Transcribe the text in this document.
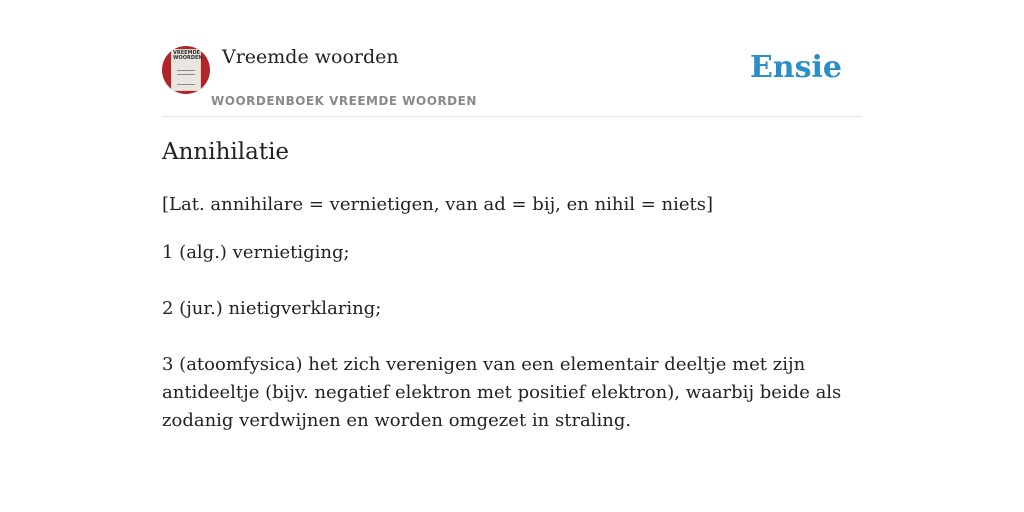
VREEMDE WOORDEN Vreemde woorden
WOORDENBOEK VREEMDE WOORDEN
Ensie
Annihilatie
[Lat. annihilare = vernietigen, van ad = bij, en nihil = niets]

1 (alg.) vernietiging;

2 (jur.) nietigverklaring;

3 (atoomfysica) het zich verenigen van een elementair deeltje met zijn antideeltje (bijv. negatief elektron met positief elektron), waarbij beide als zodanig verdwijnen en worden omgezet in straling.
